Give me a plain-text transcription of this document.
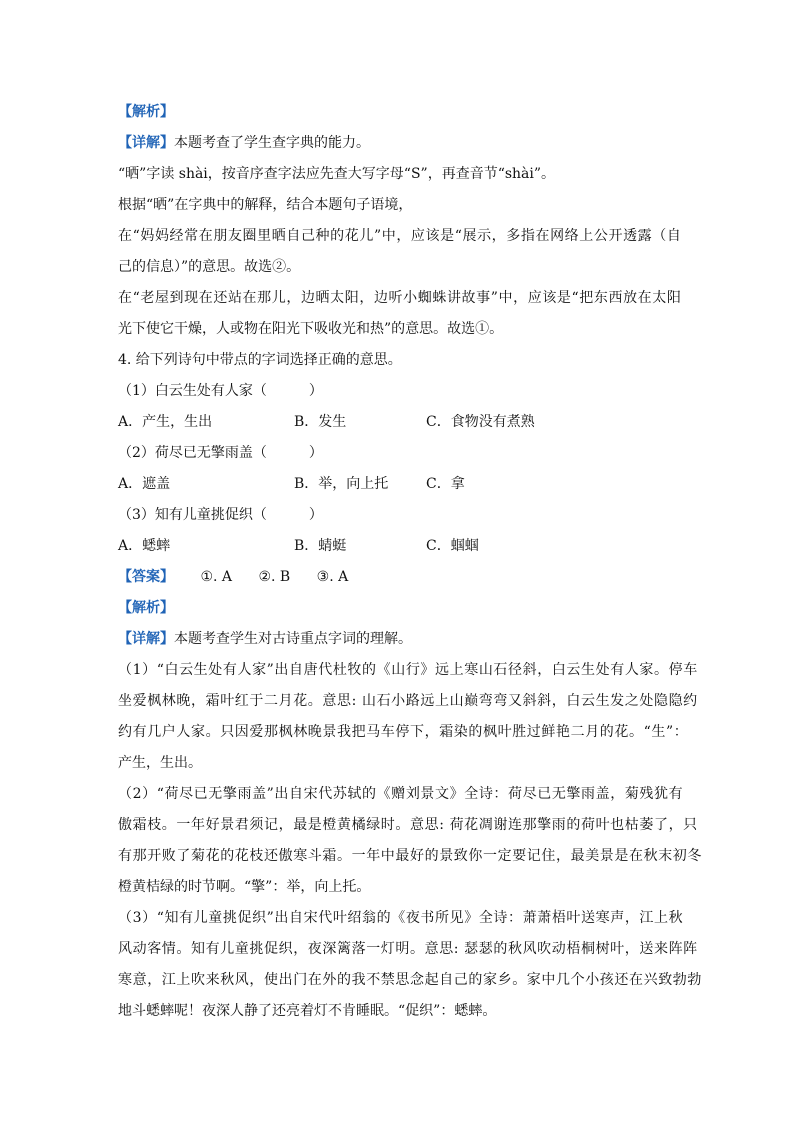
【解析】
【详解】本题考查了学生查字典的能力。
“晒”字读 shài，按音序查字法应先查大写字母“S”，再查音节“shài”。
根据“晒”在字典中的解释，结合本题句子语境，
在“妈妈经常在朋友圈里晒自己种的花儿”中，应该是“展示，多指在网络上公开透露（自
己的信息）”的意思。故选②。
在“老屋到现在还站在那儿，边晒太阳，边听小蜘蛛讲故事”中，应该是“把东西放在太阳
光下使它干燥，人或物在阳光下吸收光和热”的意思。故选①。
4. 给下列诗句中带点的字词选择正确的意思。
（1）白云生处有人家（　　　）
A．产生，生出	B．发生	C．食物没有煮熟
（2）荷尽已无擎雨盖（　　　）
A．遮盖	B．举，向上托	C．拿
（3）知有儿童挑促织（　　　）
A．蟋蟀	B．蜻蜓	C．蝈蝈
【答案】 ①. A ②. B ③. A
【解析】
【详解】本题考查学生对古诗重点字词的理解。
（1）“白云生处有人家”出自唐代杜牧的《山行》远上寒山石径斜，白云生处有人家。停车
坐爱枫林晚，霜叶红于二月花。意思: 山石小路远上山巅弯弯又斜斜，白云生发之处隐隐约
约有几户人家。只因爱那枫林晚景我把马车停下，霜染的枫叶胜过鲜艳二月的花。“生”：
产生，生出。
（2）“荷尽已无擎雨盖”出自宋代苏轼的《赠刘景文》全诗：荷尽已无擎雨盖，菊残犹有
傲霜枝。一年好景君须记，最是橙黄橘绿时。意思: 荷花凋谢连那擎雨的荷叶也枯萎了，只
有那开败了菊花的花枝还傲寒斗霜。一年中最好的景致你一定要记住，最美景是在秋末初冬
橙黄桔绿的时节啊。“擎”：举，向上托。
（3）“知有儿童挑促织”出自宋代叶绍翁的《夜书所见》全诗：萧萧梧叶送寒声，江上秋
风动客情。知有儿童挑促织，夜深篱落一灯明。意思: 瑟瑟的秋风吹动梧桐树叶，送来阵阵
寒意，江上吹来秋风，使出门在外的我不禁思念起自己的家乡。家中几个小孩还在兴致勃勃
地斗蟋蟀呢！夜深人静了还亮着灯不肯睡眠。“促织”：蟋蟀。
